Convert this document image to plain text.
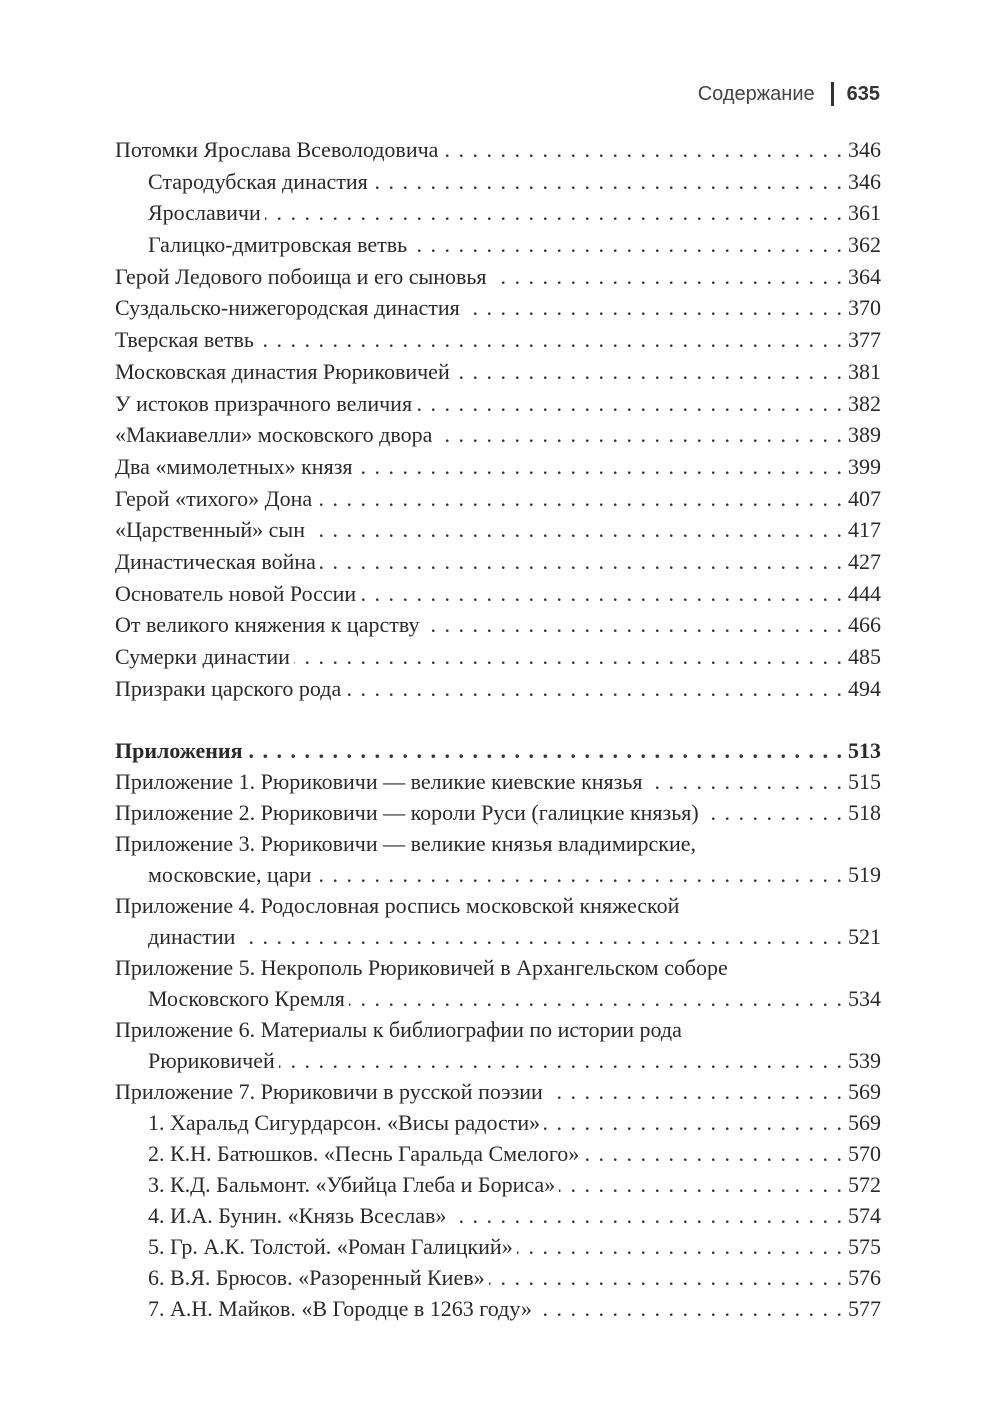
Содержание 635
Потомки Ярослава Всеволодовича . . .	346
Стародубская династия . . .	346
Ярославичи . . .	361
Галицко-дмитровская ветвь . . .	362
Герой Ледового побоища и его сыновья . . .	364
Суздальско-нижегородская династия . . .	370
Тверская ветвь . . .	377
Московская династия Рюриковичей . . .	381
У истоков призрачного величия . . .	382
«Макиавелли» московского двора . . .	389
Два «мимолетных» князя . . .	399
Герой «тихого» Дона . . .	407
«Царственный» сын . . .	417
Династическая война . . .	427
Основатель новой России . . .	444
От великого княжения к царству . . .	466
Сумерки династии . . .	485
Призраки царского рода . . .	494
Приложения . . .	513
Приложение 1. Рюриковичи — великие киевские князья . . .	515
Приложение 2. Рюриковичи — короли Руси (галицкие князья) . . .	518
Приложение 3. Рюриковичи — великие князья владимирские,
московские, цари . . .	519
Приложение 4. Родословная роспись московской княжеской
династии . . .	521
Приложение 5. Некрополь Рюриковичей в Архангельском соборе
Московского Кремля . . .	534
Приложение 6. Материалы к библиографии по истории рода
Рюриковичей . . .	539
Приложение 7. Рюриковичи в русской поэзии . . .	569
1. Харальд Сигурдарсон. «Висы радости» . . .	569
2. К.Н. Батюшков. «Песнь Гаральда Смелого» . . .	570
3. К.Д. Бальмонт. «Убийца Глеба и Бориса» . . .	572
4. И.А. Бунин. «Князь Всеслав» . . .	574
5. Гр. А.К. Толстой. «Роман Галицкий» . . .	575
6. В.Я. Брюсов. «Разоренный Киев» . . .	576
7. А.Н. Майков. «В Городце в 1263 году» . . .	577
